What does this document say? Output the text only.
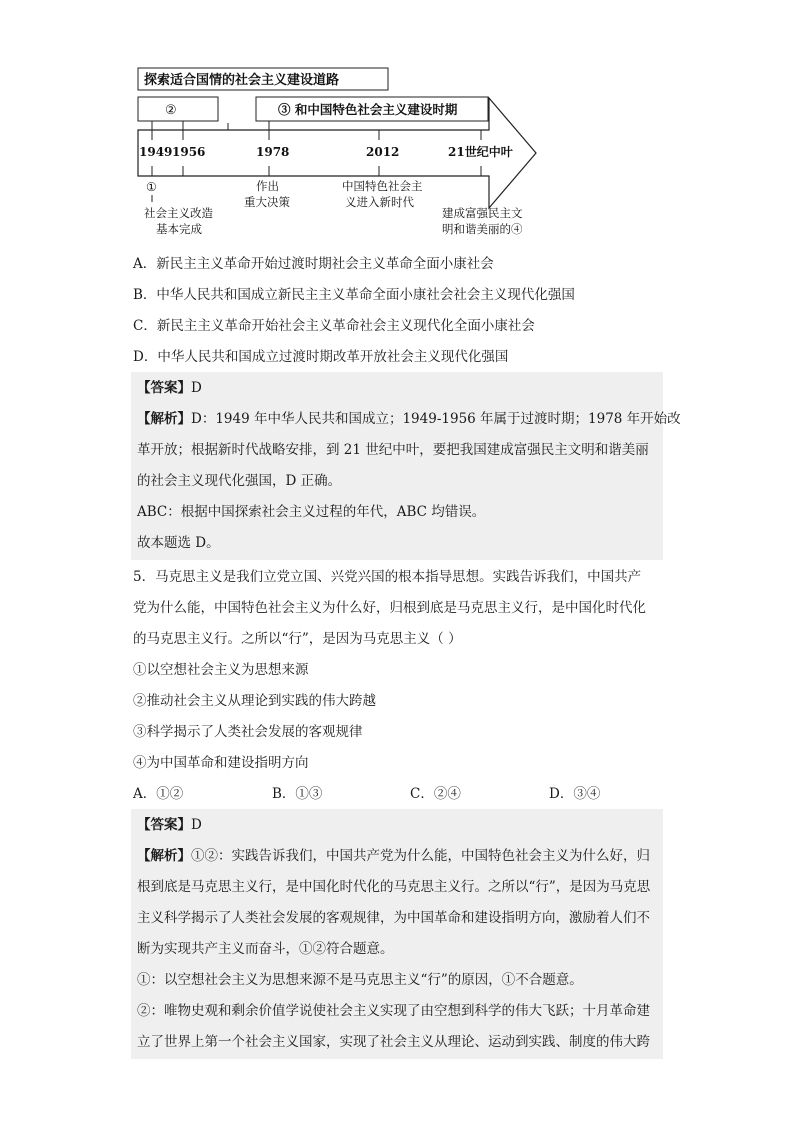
探索适合国情的社会主义建设道路
②	③ 和中国特色社会主义建设时期
1949 1956	1978	2012	21世纪中叶
①
社会主义改造
基本完成
作出
重大决策
中国特色社会主
义进入新时代
建成富强民主文
明和谐美丽的④
A．新民主主义革命开始过渡时期社会主义革命全面小康社会
B．中华人民共和国成立新民主主义革命全面小康社会社会主义现代化强国
C．新民主主义革命开始社会主义革命社会主义现代化全面小康社会
D．中华人民共和国成立过渡时期改革开放社会主义现代化强国
【答案】D
【解析】D：1949 年中华人民共和国成立；1949-1956 年属于过渡时期；1978 年开始改
革开放；根据新时代战略安排，到 21 世纪中叶，要把我国建成富强民主文明和谐美丽
的社会主义现代化强国，D 正确。
ABC：根据中国探索社会主义过程的年代，ABC 均错误。
故本题选 D。
5．马克思主义是我们立党立国、兴党兴国的根本指导思想。实践告诉我们，中国共产
党为什么能，中国特色社会主义为什么好，归根到底是马克思主义行，是中国化时代化
的马克思主义行。之所以“行”，是因为马克思主义（ ）
①以空想社会主义为思想来源
②推动社会主义从理论到实践的伟大跨越
③科学揭示了人类社会发展的客观规律
④为中国革命和建设指明方向
A．①②	B．①③	C．②④	D．③④
【答案】D
【解析】①②：实践告诉我们，中国共产党为什么能，中国特色社会主义为什么好，归
根到底是马克思主义行，是中国化时代化的马克思主义行。之所以“行”，是因为马克思
主义科学揭示了人类社会发展的客观规律，为中国革命和建设指明方向，激励着人们不
断为实现共产主义而奋斗，①②符合题意。
①：以空想社会主义为思想来源不是马克思主义“行”的原因，①不合题意。
②：唯物史观和剩余价值学说使社会主义实现了由空想到科学的伟大飞跃；十月革命建
立了世界上第一个社会主义国家，实现了社会主义从理论、运动到实践、制度的伟大跨
